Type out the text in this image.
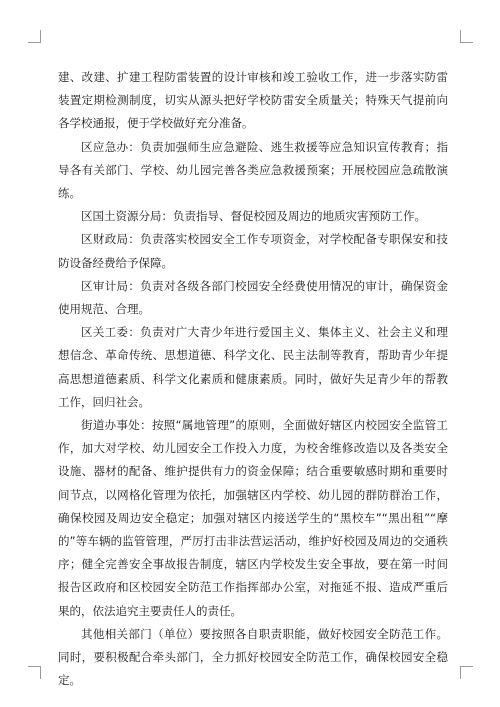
建、改建、扩建工程防雷装置的设计审核和竣工验收工作，进一步落实防雷装置定期检测制度，切实从源头把好学校防雷安全质量关；特殊天气提前向各学校通报，便于学校做好充分准备。

区应急办：负责加强师生应急避险、逃生救援等应急知识宣传教育；指导各有关部门、学校、幼儿园完善各类应急救援预案；开展校园应急疏散演练。

区国土资源分局：负责指导、督促校园及周边的地质灾害预防工作。

区财政局：负责落实校园安全工作专项资金，对学校配备专职保安和技防设备经费给予保障。

区审计局：负责对各级各部门校园安全经费使用情况的审计，确保资金使用规范、合理。

区关工委：负责对广大青少年进行爱国主义、集体主义、社会主义和理想信念、革命传统、思想道德、科学文化、民主法制等教育，帮助青少年提高思想道德素质、科学文化素质和健康素质。同时，做好失足青少年的帮教工作，回归社会。

街道办事处：按照“属地管理”的原则，全面做好辖区内校园安全监管工作，加大对学校、幼儿园安全工作投入力度，为校舍维修改造以及各类安全设施、器材的配备、维护提供有力的资金保障；结合重要敏感时期和重要时间节点，以网格化管理为依托，加强辖区内学校、幼儿园的群防群治工作，确保校园及周边安全稳定；加强对辖区内接送学生的“黑校车”“黑出租”“摩的”等车辆的监管管理，严厉打击非法营运活动，维护好校园及周边的交通秩序；健全完善安全事故报告制度，辖区内学校发生安全事故，要在第一时间报告区政府和区校园安全防范工作指挥部办公室，对拖延不报、造成严重后果的，依法追究主要责任人的责任。

其他相关部门（单位）要按照各自职责职能，做好校园安全防范工作。同时，要积极配合牵头部门，全力抓好校园安全防范工作，确保校园安全稳定。
